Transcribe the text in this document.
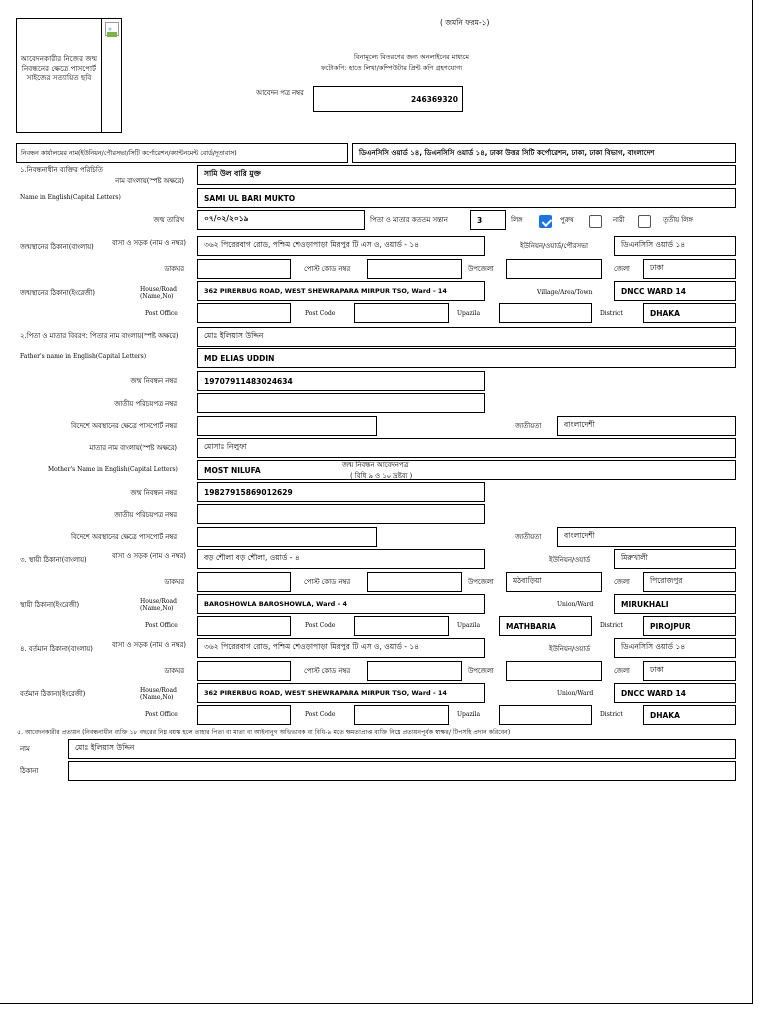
আবেদনকারীর নিজের জন্ম নিবন্ধনের ক্ষেত্রে পাসপোর্ট সাইজের সত্যায়িত ছবি
( জমনি ফরম-১)
বিনামূল্যে বিতরণের জন্য অনলাইনের মাধ্যমে
ফটোকপি: হাতে লিখা/কম্পিউটার প্রিন্ট কপি গ্রহণযোগ্য
আবেদন পত্র নম্বর
246369320
নিবন্ধন কার্যালয়ের নাম(ইউনিয়ন/পৌরসভা/সিটি কর্পোরেশন/ক্যান্টনমেন্ট বোর্ড/দূতাবাস)	ডিএনসিসি ওয়ার্ড ১৪, ডিএনসিসি ওয়ার্ড ১৪, ঢাকা উত্তর সিটি কর্পোরেশন, ঢাকা, ঢাকা বিভাগ, বাংলাদেশ
১.নিবন্ধনাধীন ব্যক্তির পরিচিতি
নাম বাংলায়(স্পষ্ট অক্ষরে)
সামি উল বারি মুক্ত
Name in English(Capital Letters)	SAMI UL BARI MUKTO
জন্ম তারিখ	০৭/০২/২০১৯	পিতা ও মাতার কততম সন্তান	3	লিঙ্গ	পুরুষ	নারী	তৃতীয় লিঙ্গ
জন্মস্থানের ঠিকানা(বাংলায়)	বাসা ও সড়ক (নাম ও নম্বর)	৩৬২ পিরেরবাগ রোড, পশ্চিম শেওড়াপাড়া মিরপুর টি এস ও, ওয়ার্ড - ১৪	ইউনিয়ন/ওয়ার্ড/পৌরসভা	ডিএনসিসি ওয়ার্ড ১৪
ডাকঘর	পোস্ট কোড নম্বর	উপজেলা	জেলা	ঢাকা
জন্মস্থানের ঠিকানা(ইংরেজী)	House/Road (Name,No)
362 PIRERBUG ROAD, WEST SHEWRAPARA MIRPUR TSO, Ward - 14	Village/Area/Town	DNCC WARD 14
Post Office	Post Code	Upazila	District	DHAKA
২.পিতা ও মাতার বিবরণ: পিতার নাম বাংলায়(স্পষ্ট অক্ষরে)	মোঃ ইলিয়াস উদ্দিন
Father's name in English(Capital Letters)	MD ELIAS UDDIN
জন্ম নিবন্ধন নম্বর	19707911483024634
জাতীয় পরিচয়পত্র নম্বর
বিদেশে অবস্থানের ক্ষেত্রে পাসপোর্ট নম্বর	জাতীয়তা	বাংলাদেশী
মাতার নাম বাংলায়(স্পষ্ট অক্ষরে)	মোসাঃ নিলুফা
Mother's Name in English(Capital Letters)	MOST NILUFA
জন্ম নিবন্ধন আবেদনপত্র
( বিধি ৯ ও ১০ দ্রষ্টব্য )
জন্ম নিবন্ধন নম্বর	19827915869012629
জাতীয় পরিচয়পত্র নম্বর
বিদেশে অবস্থানের ক্ষেত্রে পাসপোর্ট নম্বর	জাতীয়তা	বাংলাদেশী
৩. স্থায়ী ঠিকানা(বাংলায়)	বাসা ও সড়ক (নাম ও নম্বর)	বড় শৌলা বড় শৌলা, ওয়ার্ড - ৪	ইউনিয়ন/ওয়ার্ড	মিরুখালী
ডাকঘর	পোস্ট কোড নম্বর	উপজেলা	মঠবাড়িয়া	জেলা	পিরোজপুর
স্থায়ী ঠিকানা(ইংরেজী)	House/Road (Name,No)
BAROSHOWLA BAROSHOWLA, Ward - 4	Union/Ward	MIRUKHALI
Post Office	Post Code	Upazila	MATHBARIA	District	PIROJPUR
৪. বর্তমান ঠিকানা(বাংলায়)	বাসা ও সড়ক (নাম ও নম্বর)	৩৬২ পিরেরবাগ রোড, পশ্চিম শেওড়াপাড়া মিরপুর টি এস ও, ওয়ার্ড - ১৪	ইউনিয়ন/ওয়ার্ড	ডিএনসিসি ওয়ার্ড ১৪
ডাকঘর	পোস্ট কোড নম্বর	উপজেলা	জেলা	ঢাকা
বর্তমান ঠিকানা(ইংরেজী)	House/Road (Name,No)
362 PIRERBUG ROAD, WEST SHEWRAPARA MIRPUR TSO, Ward - 14	Union/Ward	DNCC WARD 14
Post Office	Post Code	Upazila	District	DHAKA
৫. আবেদনকারীর প্রত্যয়ন (নিবন্ধনাধীন ব্যক্তি ১৮ বছরের নিম্ন বয়স্ক হলে তাহার পিতা বা মাতা বা আইনানুগ অভিভাবক বা বিধি-৯ মতে ক্ষমতাপ্রাপ্ত ব্যক্তি নিম্নে প্রত্যয়নপূর্বক স্বাক্ষর/ টিপসহি প্রদান করিবেন)
নাম	মোঃ ইলিয়াস উদ্দিন
ঠিকানা
